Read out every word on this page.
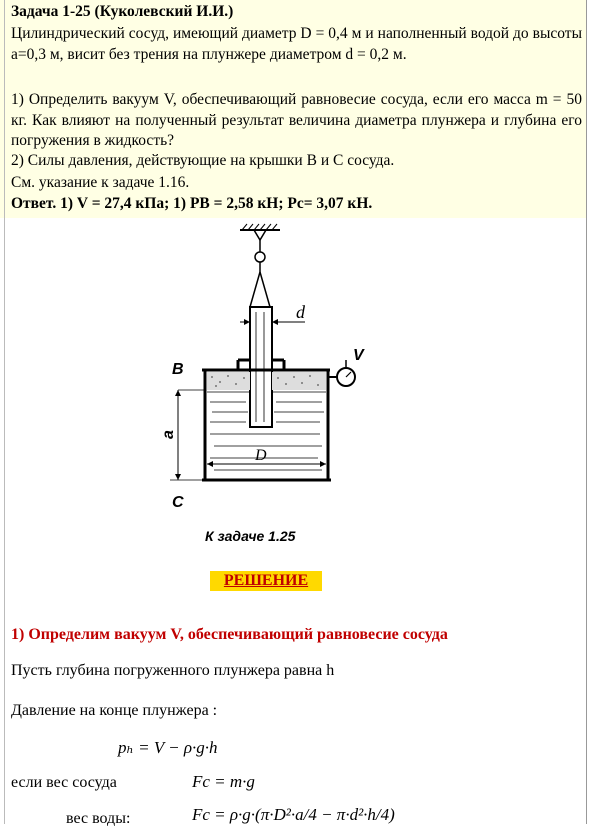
Задача 1-25 (Куколевский И.И.)
Цилиндрический сосуд, имеющий диаметр D = 0,4 м и наполненный водой до высоты а=0,3 м, висит без трения на плунжере диаметром d = 0,2 м.
1) Определить вакуум V, обеспечивающий равновесие сосуда, если его масса m = 50 кг. Как влияют на полученный результат величина диаметра плунжера и глубина его погружения в жидкость?
2) Силы давления, действующие на крышки В и С сосуда.
См. указание к задаче 1.16.
Ответ. 1) V = 27,4 кПа; 1) PB = 2,58 кН; Pc= 3,07 кН.
d
D
V
B
a
C
К задаче 1.25
РЕШЕНИЕ
1) Определим вакуум V, обеспечивающий равновесие сосуда
Пусть глубина погруженного плунжера равна h
Давление на конце плунжера :
pₕ = V − ρ·g·h
если вес сосуда	Fc = m·g
вес воды:	Fс = ρ·g·(π·D²·a/4 − π·d²·h/4)
